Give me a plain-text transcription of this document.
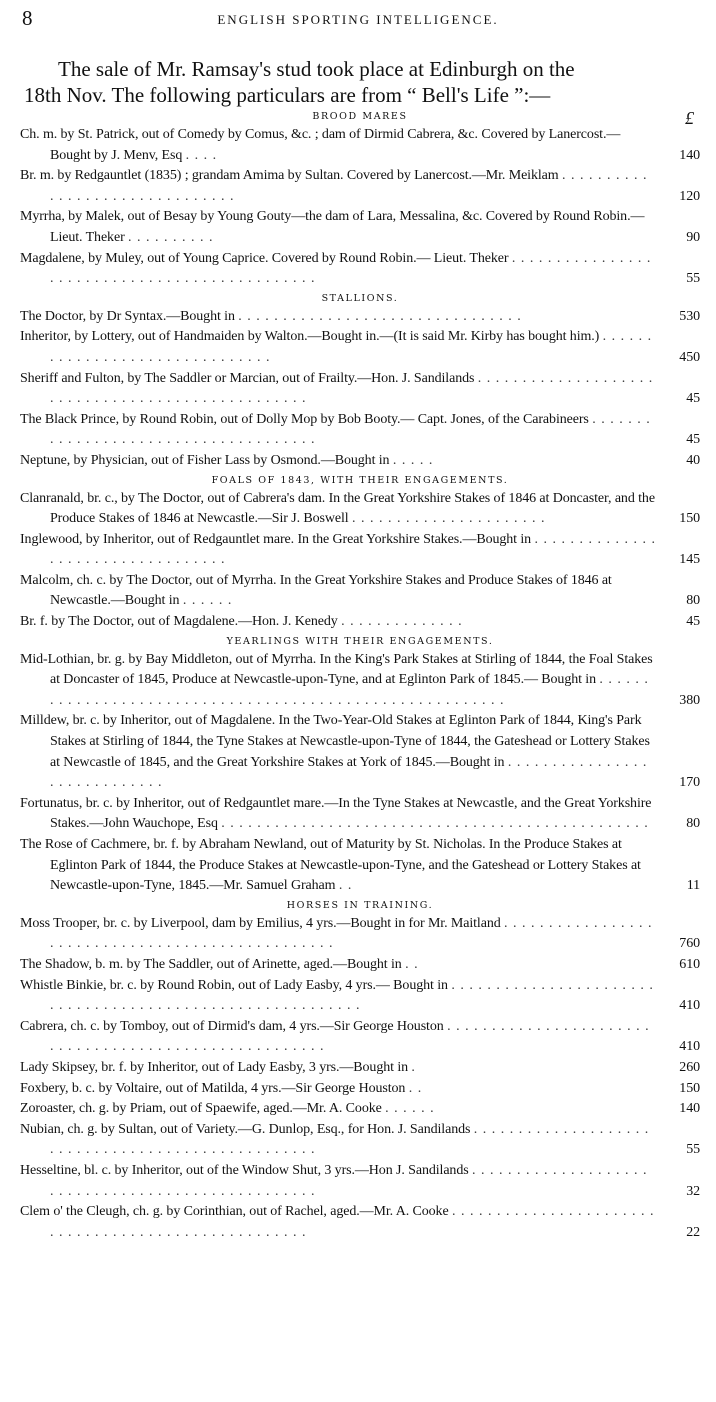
8	ENGLISH SPORTING INTELLIGENCE.
The sale of Mr. Ramsay's stud took place at Edinburgh on the
18th Nov. The following particulars are from “ Bell's Life ”:—
BROOD MARES
Ch. m. by St. Patrick, out of Comedy by Comus, &c. ; dam of Dirmid Cabrera, &c. Covered by Lanercost.—Bought by J. Menv, Esq . . . .	140
Br. m. by Redgauntlet (1835) ; grandam Amima by Sultan. Covered by Lanercost.—Mr. Meiklam . . . . . . . . . . . . . . . . . . . . . . . . . . . . . . .	120
Myrrha, by Malek, out of Besay by Young Gouty—the dam of Lara, Messalina, &c. Covered by Round Robin.—Lieut. Theker . . . . . . . . . .	90
Magdalene, by Muley, out of Young Caprice. Covered by Round Robin.— Lieut. Theker . . . . . . . . . . . . . . . . . . . . . . . . . . . . . . . . . . . . . . . . . . . . . .	55
STALLIONS.
The Doctor, by Dr Syntax.—Bought in . . . . . . . . . . . . . . . . . . . . . . . . . . . . . . . .	530
Inheritor, by Lottery, out of Handmaiden by Walton.—Bought in.—(It is said Mr. Kirby has bought him.) . . . . . . . . . . . . . . . . . . . . . . . . . . . . . . .	450
Sheriff and Fulton, by The Saddler or Marcian, out of Frailty.—Hon. J. Sandilands . . . . . . . . . . . . . . . . . . . . . . . . . . . . . . . . . . . . . . . . . . . . . . . . .	45
The Black Prince, by Round Robin, out of Dolly Mop by Bob Booty.— Capt. Jones, of the Carabineers . . . . . . . . . . . . . . . . . . . . . . . . . . . . . . . . . . . . .	45
Neptune, by Physician, out of Fisher Lass by Osmond.—Bought in . . . . .	40
FOALS OF 1843, WITH THEIR ENGAGEMENTS.
Clanranald, br. c., by The Doctor, out of Cabrera's dam. In the Great Yorkshire Stakes of 1846 at Doncaster, and the Produce Stakes of 1846 at Newcastle.—Sir J. Boswell . . . . . . . . . . . . . . . . . . . . . .	150
Inglewood, by Inheritor, out of Redgauntlet mare. In the Great Yorkshire Stakes.—Bought in . . . . . . . . . . . . . . . . . . . . . . . . . . . . . . . . . .	145
Malcolm, ch. c. by The Doctor, out of Myrrha. In the Great Yorkshire Stakes and Produce Stakes of 1846 at Newcastle.—Bought in . . . . . .	80
Br. f. by The Doctor, out of Magdalene.—Hon. J. Kenedy . . . . . . . . . . . . . .	45
YEARLINGS WITH THEIR ENGAGEMENTS.
Mid-Lothian, br. g. by Bay Middleton, out of Myrrha. In the King's Park Stakes at Stirling of 1844, the Foal Stakes at Doncaster of 1845, Produce at Newcastle-upon-Tyne, and at Eglinton Park of 1845.— Bought in . . . . . . . . . . . . . . . . . . . . . . . . . . . . . . . . . . . . . . . . . . . . . . . . . . . . . . . . .	380
Milldew, br. c. by Inheritor, out of Magdalene. In the Two-Year-Old Stakes at Eglinton Park of 1844, King's Park Stakes at Stirling of 1844, the Tyne Stakes at Newcastle-upon-Tyne of 1844, the Gateshead or Lottery Stakes at Newcastle of 1845, and the Great Yorkshire Stakes at York of 1845.—Bought in . . . . . . . . . . . . . . . . . . . . . . . . . . . . .	170
Fortunatus, br. c. by Inheritor, out of Redgauntlet mare.—In the Tyne Stakes at Newcastle, and the Great Yorkshire Stakes.—John Wauchope, Esq . . . . . . . . . . . . . . . . . . . . . . . . . . . . . . . . . . . . . . . . . . . . . . . .	80
The Rose of Cachmere, br. f. by Abraham Newland, out of Maturity by St. Nicholas. In the Produce Stakes at Eglinton Park of 1844, the Produce Stakes at Newcastle-upon-Tyne, and the Gateshead or Lottery Stakes at Newcastle-upon-Tyne, 1845.—Mr. Samuel Graham . .	11
HORSES IN TRAINING.
Moss Trooper, br. c. by Liverpool, dam by Emilius, 4 yrs.—Bought in for Mr. Maitland . . . . . . . . . . . . . . . . . . . . . . . . . . . . . . . . . . . . . . . . . . . . . . . . .	760
The Shadow, b. m. by The Saddler, out of Arinette, aged.—Bought in . .	610
Whistle Binkie, br. c. by Round Robin, out of Lady Easby, 4 yrs.— Bought in . . . . . . . . . . . . . . . . . . . . . . . . . . . . . . . . . . . . . . . . . . . . . . . . . . . . . . . . . .	410
Cabrera, ch. c. by Tomboy, out of Dirmid's dam, 4 yrs.—Sir George Houston . . . . . . . . . . . . . . . . . . . . . . . . . . . . . . . . . . . . . . . . . . . . . . . . . . . . . .	410
Lady Skipsey, br. f. by Inheritor, out of Lady Easby, 3 yrs.—Bought in .	260
Foxbery, b. c. by Voltaire, out of Matilda, 4 yrs.—Sir George Houston . .	150
Zoroaster, ch. g. by Priam, out of Spaewife, aged.—Mr. A. Cooke . . . . . .	140
Nubian, ch. g. by Sultan, out of Variety.—G. Dunlop, Esq., for Hon. J. Sandilands . . . . . . . . . . . . . . . . . . . . . . . . . . . . . . . . . . . . . . . . . . . . . . . . . .	55
Hesseltine, bl. c. by Inheritor, out of the Window Shut, 3 yrs.—Hon J. Sandilands . . . . . . . . . . . . . . . . . . . . . . . . . . . . . . . . . . . . . . . . . . . . . . . . . .	32
Clem o' the Cleugh, ch. g. by Corinthian, out of Rachel, aged.—Mr. A. Cooke . . . . . . . . . . . . . . . . . . . . . . . . . . . . . . . . . . . . . . . . . . . . . . . . . . . .	22
£
